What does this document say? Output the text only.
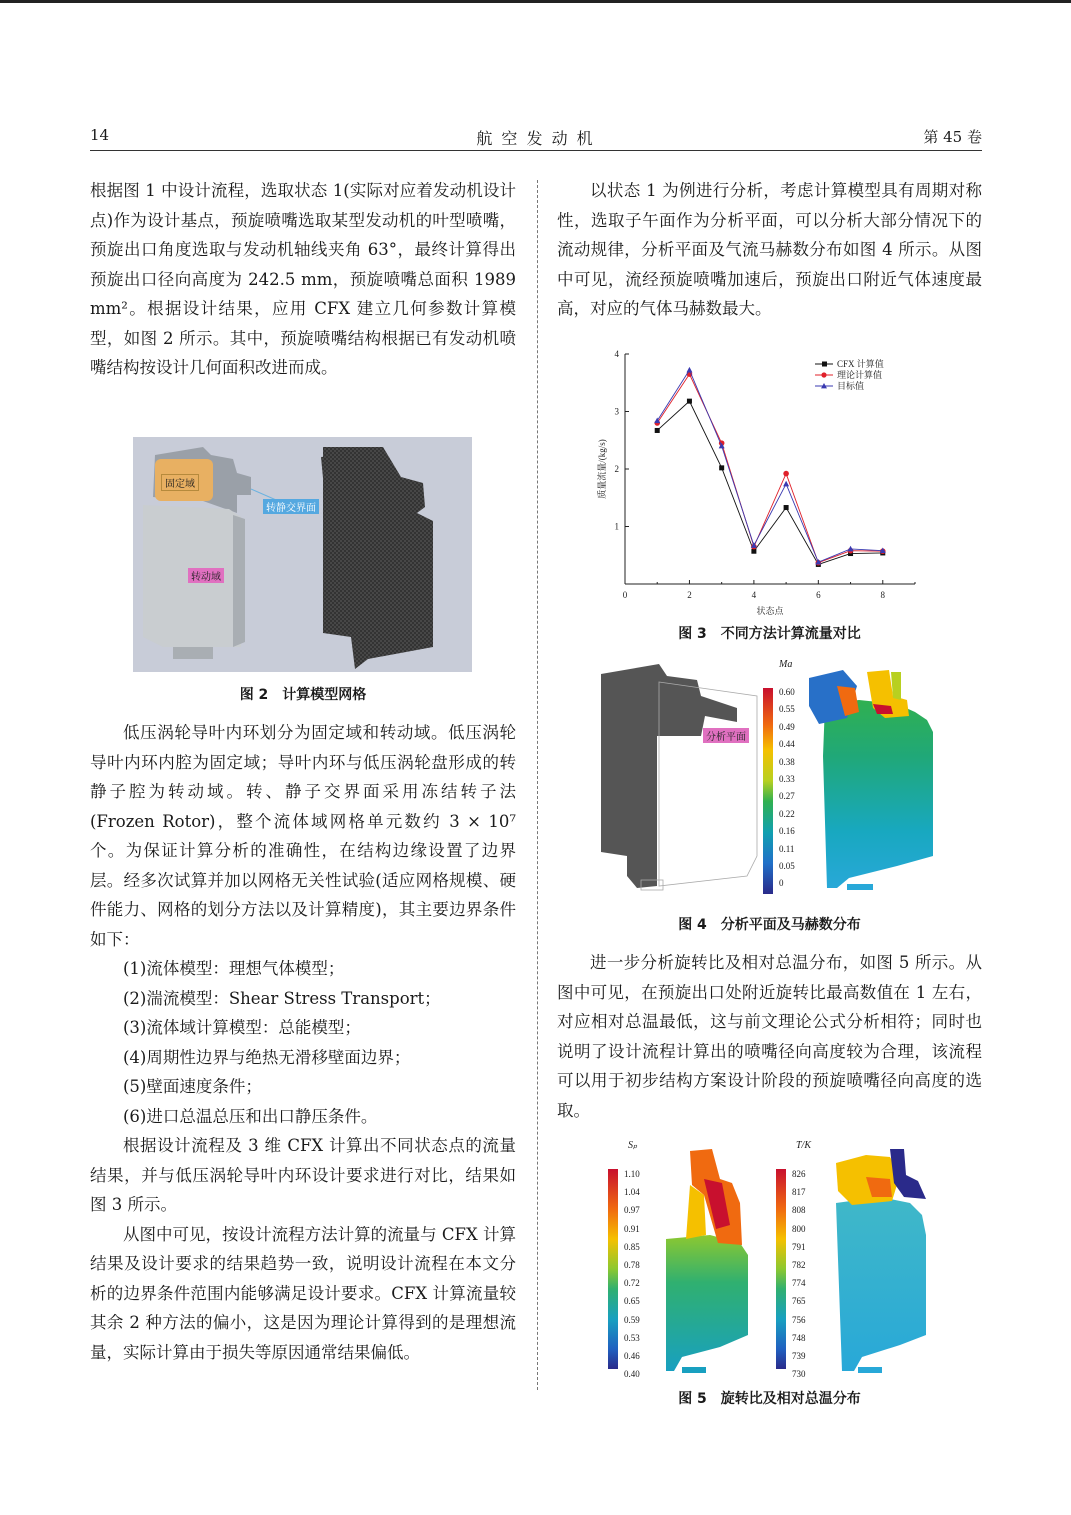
14	航 空 发 动 机	第 45 卷

根据图 1 中设计流程，选取状态 1(实际对应着发动机设计点)作为设计基点，预旋喷嘴选取某型发动机的叶型喷嘴，预旋出口角度选取与发动机轴线夹角 63°，最终计算得出预旋出口径向高度为 242.5 mm，预旋喷嘴总面积 1989 mm²。根据设计结果，应用 CFX 建立几何参数计算模型，如图 2 所示。其中，预旋喷嘴结构根据已有发动机喷嘴结构按设计几何面积改进而成。

固定域
转静交界面
转动域
图 2　计算模型网格

低压涡轮导叶内环划分为固定域和转动域。低压涡轮导叶内环内腔为固定域；导叶内环与低压涡轮盘形成的转静子腔为转动域。转、静子交界面采用冻结转子法(Frozen Rotor)，整个流体域网格单元数约 3 × 10⁷ 个。为保证计算分析的准确性，在结构边缘设置了边界层。经多次试算并加以网格无关性试验(适应网格规模、硬件能力、网格的划分方法以及计算精度)，其主要边界条件如下：

(1)流体模型：理想气体模型；

(2)湍流模型：Shear Stress Transport；

(3)流体域计算模型：总能模型；

(4)周期性边界与绝热无滑移壁面边界；

(5)壁面速度条件；

(6)进口总温总压和出口静压条件。

根据设计流程及 3 维 CFX 计算出不同状态点的流量结果，并与低压涡轮导叶内环设计要求进行对比，结果如图 3 所示。

从图中可见，按设计流程方法计算的流量与 CFX 计算结果及设计要求的结果趋势一致，说明设计流程在本文分析的边界条件范围内能够满足设计要求。CFX 计算流量较其余 2 种方法的偏小，这是因为理论计算得到的是理想流量，实际计算由于损失等原因通常结果偏低。

以状态 1 为例进行分析，考虑计算模型具有周期对称性，选取子午面作为分析平面，可以分析大部分情况下的流动规律，分析平面及气流马赫数分布如图 4 所示。从图中可见，流经预旋喷嘴加速后，预旋出口附近气体速度最高，对应的气体马赫数最大。

0	2	4	6	8
1
2
3
4
CFX 计算值
理论计算值
目标值
状态点
质量流量/(kg/s)
图 3　不同方法计算流量对比
分析平面
Ma
0.60
0.55
0.49
0.44
0.38
0.33
0.27
0.22
0.16
0.11
0.05
0
图 4　分析平面及马赫数分布

进一步分析旋转比及相对总温分布，如图 5 所示。从图中可见，在预旋出口处附近旋转比最高数值在 1 左右，对应相对总温最低，这与前文理论公式分析相符；同时也说明了设计流程计算出的喷嘴径向高度较为合理，该流程可以用于初步结构方案设计阶段的预旋喷嘴径向高度的选取。

Sₚ
1.10
1.04
0.97
0.91
0.85
0.78
0.72
0.65
0.59
0.53
0.46
0.40
T/K
826
817
808
800
791
782
774
765
756
748
739
730
图 5　旋转比及相对总温分布
